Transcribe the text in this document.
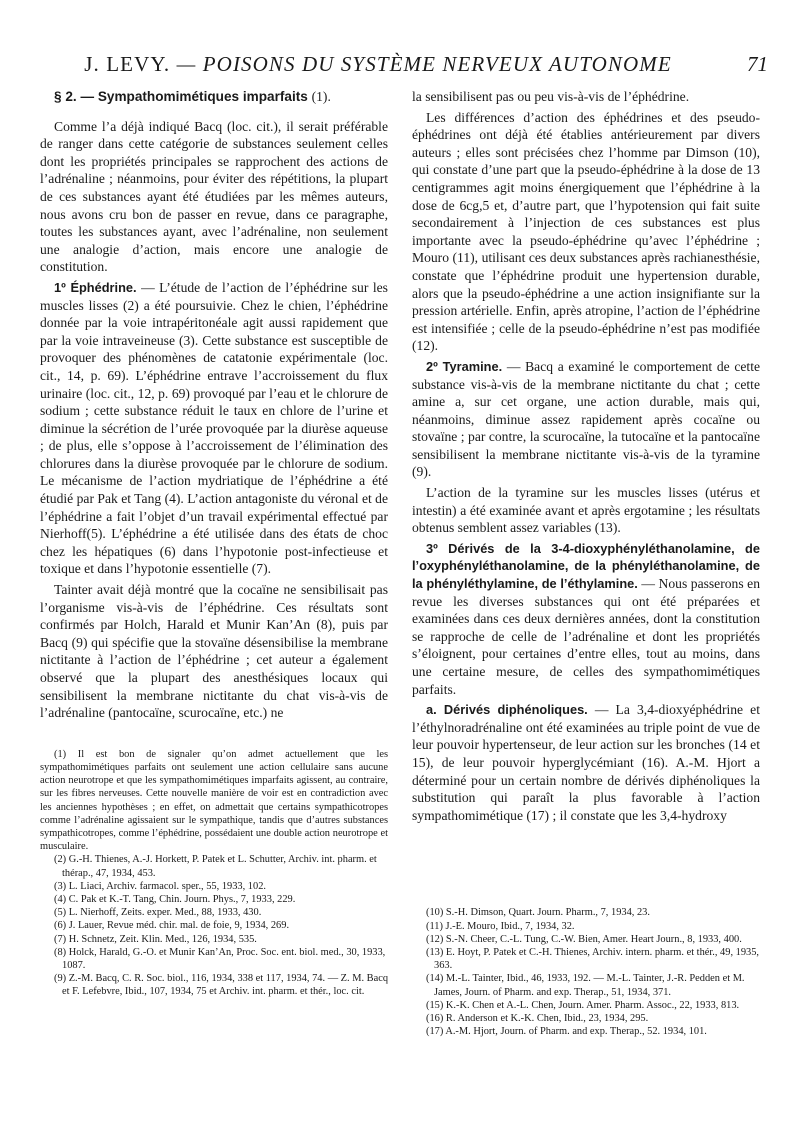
J. LEVY. — POISONS DU SYSTÈME NERVEUX AUTONOME	71
§ 2. — Sympathomimétiques imparfaits (1).

Comme l’a déjà indiqué Bacq (loc. cit.), il serait préférable de ranger dans cette catégorie de substances seulement celles dont les propriétés principales se rapprochent des actions de l’adrénaline ; néanmoins, pour éviter des répétitions, la plupart de ces substances ayant été étudiées par les mêmes auteurs, nous avons cru bon de passer en revue, dans ce paragraphe, toutes les substances ayant, avec l’adrénaline, non seulement une analogie d’action, mais encore une analogie de constitution.

1º Éphédrine. — L’étude de l’action de l’éphédrine sur les muscles lisses (2) a été poursuivie. Chez le chien, l’éphédrine donnée par la voie intrapéritonéale agit aussi rapidement que par la voie intraveineuse (3). Cette substance est susceptible de provoquer des phénomènes de catatonie expérimentale (loc. cit., 14, p. 69). L’éphédrine entrave l’accroissement du flux urinaire (loc. cit., 12, p. 69) provoqué par l’eau et le chlorure de sodium ; cette substance réduit le taux en chlore de l’urine et diminue la sécrétion de l’urée provoquée par la diurèse aqueuse ; de plus, elle s’oppose à l’accroissement de l’élimination des chlorures dans la diurèse provoquée par le chlorure de sodium. Le mécanisme de l’action mydriatique de l’éphédrine a été étudié par Pak et Tang (4). L’action antagoniste du véronal et de l’éphédrine a fait l’objet d’un travail expérimental effectué par Nierhoff(5). L’éphédrine a été utilisée dans des états de choc chez les hépatiques (6) dans l’hypotonie post-infectieuse et toxique et dans l’hypotonie essentielle (7).

Tainter avait déjà montré que la cocaïne ne sensibilisait pas l’organisme vis-à-vis de l’éphédrine. Ces résultats sont confirmés par Holch, Harald et Munir Kan’An (8), puis par Bacq (9) qui spécifie que la stovaïne désensibilise la membrane nictitante à l’action de l’éphédrine ; cet auteur a également observé que la plupart des anesthésiques locaux qui sensibilisent la membrane nictitante du chat vis-à-vis de l’adrénaline (pantocaïne, scurocaïne, etc.) ne

(1) Il est bon de signaler qu’on admet actuellement que les sympathomimétiques parfaits ont seulement une action cellulaire sans aucune action neurotrope et que les sympathomimétiques imparfaits agissent, au contraire, sur les fibres nerveuses. Cette nouvelle manière de voir est en contradiction avec les anciennes hypothèses ; en effet, on admettait que certains sympathicotropes comme l’adrénaline agissaient sur le sympathique, tandis que d’autres substances sympathicotropes, comme l’éphédrine, possédaient une double action neurotrope et musculaire.

(2) G.-H. Thienes, A.-J. Horkett, P. Patek et L. Schutter, Archiv. int. pharm. et thérap., 47, 1934, 453.
(3) L. Liaci, Archiv. farmacol. sper., 55, 1933, 102.
(4) C. Pak et K.-T. Tang, Chin. Journ. Phys., 7, 1933, 229.
(5) L. Nierhoff, Zeits. exper. Med., 88, 1933, 430.
(6) J. Lauer, Revue méd. chir. mal. de foie, 9, 1934, 269.
(7) H. Schnetz, Zeit. Klin. Med., 126, 1934, 535.
(8) Holck, Harald, G.-O. et Munir Kan’An, Proc. Soc. ent. biol. med., 30, 1933, 1087.
(9) Z.-M. Bacq, C. R. Soc. biol., 116, 1934, 338 et 117, 1934, 74. — Z. M. Bacq et F. Lefebvre, Ibid., 107, 1934, 75 et Archiv. int. pharm. et thér., loc. cit.

la sensibilisent pas ou peu vis-à-vis de l’éphédrine.

Les différences d’action des éphédrines et des pseudo-éphédrines ont déjà été établies antérieurement par divers auteurs ; elles sont précisées chez l’homme par Dimson (10), qui constate d’une part que la pseudo-éphédrine à la dose de 13 centigrammes agit moins énergiquement que l’éphédrine à la dose de 6cg,5 et, d’autre part, que l’hypotension qui fait suite secondairement à l’injection de ces substances est plus importante avec la pseudo-éphédrine qu’avec l’éphédrine ; Mouro (11), utilisant ces deux substances après rachianesthésie, constate que l’éphédrine produit une hypertension durable, alors que la pseudo-éphédrine a une action insignifiante sur la pression artérielle. Enfin, après atropine, l’action de l’éphédrine est intensifiée ; celle de la pseudo-éphédrine n’est pas modifiée (12).

2º Tyramine. — Bacq a examiné le comportement de cette substance vis-à-vis de la membrane nictitante du chat ; cette amine a, sur cet organe, une action durable, mais qui, néanmoins, diminue assez rapidement après cocaïne ou stovaïne ; par contre, la scurocaïne, la tutocaïne et la pantocaïne sensibilisent la membrane nictitante vis-à-vis de la tyramine (9).

L’action de la tyramine sur les muscles lisses (utérus et intestin) a été examinée avant et après ergotamine ; les résultats obtenus semblent assez variables (13).

3º Dérivés de la 3-4-dioxyphényléthanolamine, de l’oxyphényléthanolamine, de la phényléthanolamine, de la phényléthylamine, de l’éthylamine. — Nous passerons en revue les diverses substances qui ont été préparées et examinées dans ces deux dernières années, dont la constitution se rapproche de celle de l’adrénaline et dont les propriétés s’éloignent, pour certaines d’entre elles, tout au moins, dans une certaine mesure, de celles des sympathomimétiques parfaits.

a. Dérivés diphénoliques. — La 3,4-dioxyéphédrine et l’éthylnoradrénaline ont été examinées au triple point de vue de leur pouvoir hypertenseur, de leur action sur les bronches (14 et 15), de leur pouvoir hyperglycémiant (16). A.-M. Hjort a déterminé pour un certain nombre de dérivés diphénoliques la substitution qui paraît la plus favorable à l’action sympathomimétique (17) ; il constate que les 3,4-hydroxy

(10) S.-H. Dimson, Quart. Journ. Pharm., 7, 1934, 23.
(11) J.-E. Mouro, Ibid., 7, 1934, 32.
(12) S.-N. Cheer, C.-L. Tung, C.-W. Bien, Amer. Heart Journ., 8, 1933, 400.
(13) E. Hoyt, P. Patek et C.-H. Thienes, Archiv. intern. pharm. et thér., 49, 1935, 363.
(14) M.-L. Tainter, Ibid., 46, 1933, 192. — M.-L. Tainter, J.-R. Pedden et M. James, Journ. of Pharm. and exp. Therap., 51, 1934, 371.
(15) K.-K. Chen et A.-L. Chen, Journ. Amer. Pharm. Assoc., 22, 1933, 813.
(16) R. Anderson et K.-K. Chen, Ibid., 23, 1934, 295.
(17) A.-M. Hjort, Journ. of Pharm. and exp. Therap., 52. 1934, 101.
